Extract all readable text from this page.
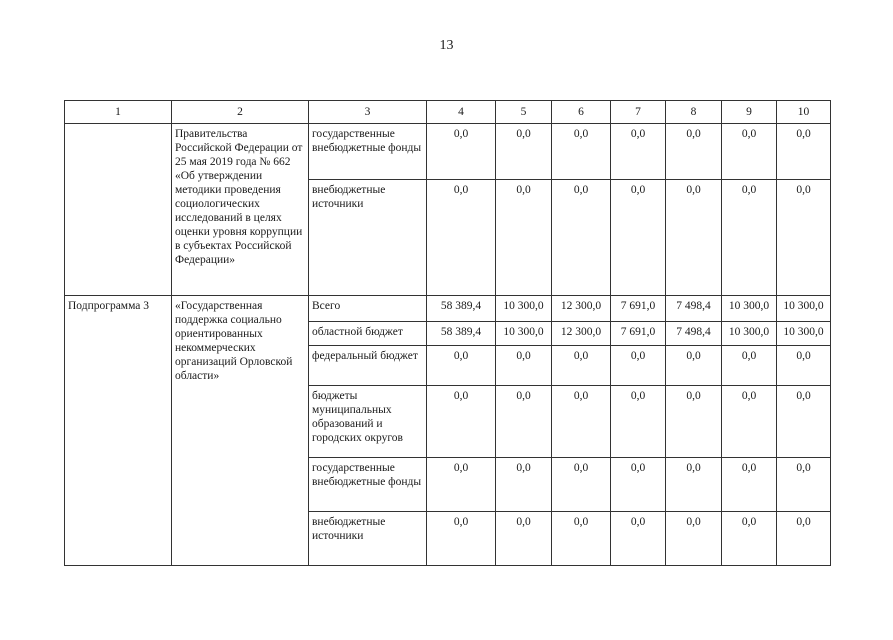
13
1	2	3	4	5	6	7	8	9	10
	Правительства Российской Федерации от 25 мая 2019 года № 662 «Об утверждении методики проведения социологических исследований в целях оценки уровня коррупции в субъектах Российской Федерации»	государственные внебюджетные фонды	0,0	0,0	0,0	0,0	0,0	0,0	0,0
		внебюджетные источники	0,0	0,0	0,0	0,0	0,0	0,0	0,0
Подпрограмма 3	«Государственная поддержка социально ориентированных некоммерческих организаций Орловской области»	Всего	58 389,4	10 300,0	12 300,0	7 691,0	7 498,4	10 300,0	10 300,0
		областной бюджет	58 389,4	10 300,0	12 300,0	7 691,0	7 498,4	10 300,0	10 300,0
		федеральный бюджет	0,0	0,0	0,0	0,0	0,0	0,0	0,0
		бюджеты муниципальных образований и городских округов	0,0	0,0	0,0	0,0	0,0	0,0	0,0
		государственные внебюджетные фонды	0,0	0,0	0,0	0,0	0,0	0,0	0,0
		внебюджетные источники	0,0	0,0	0,0	0,0	0,0	0,0	0,0
